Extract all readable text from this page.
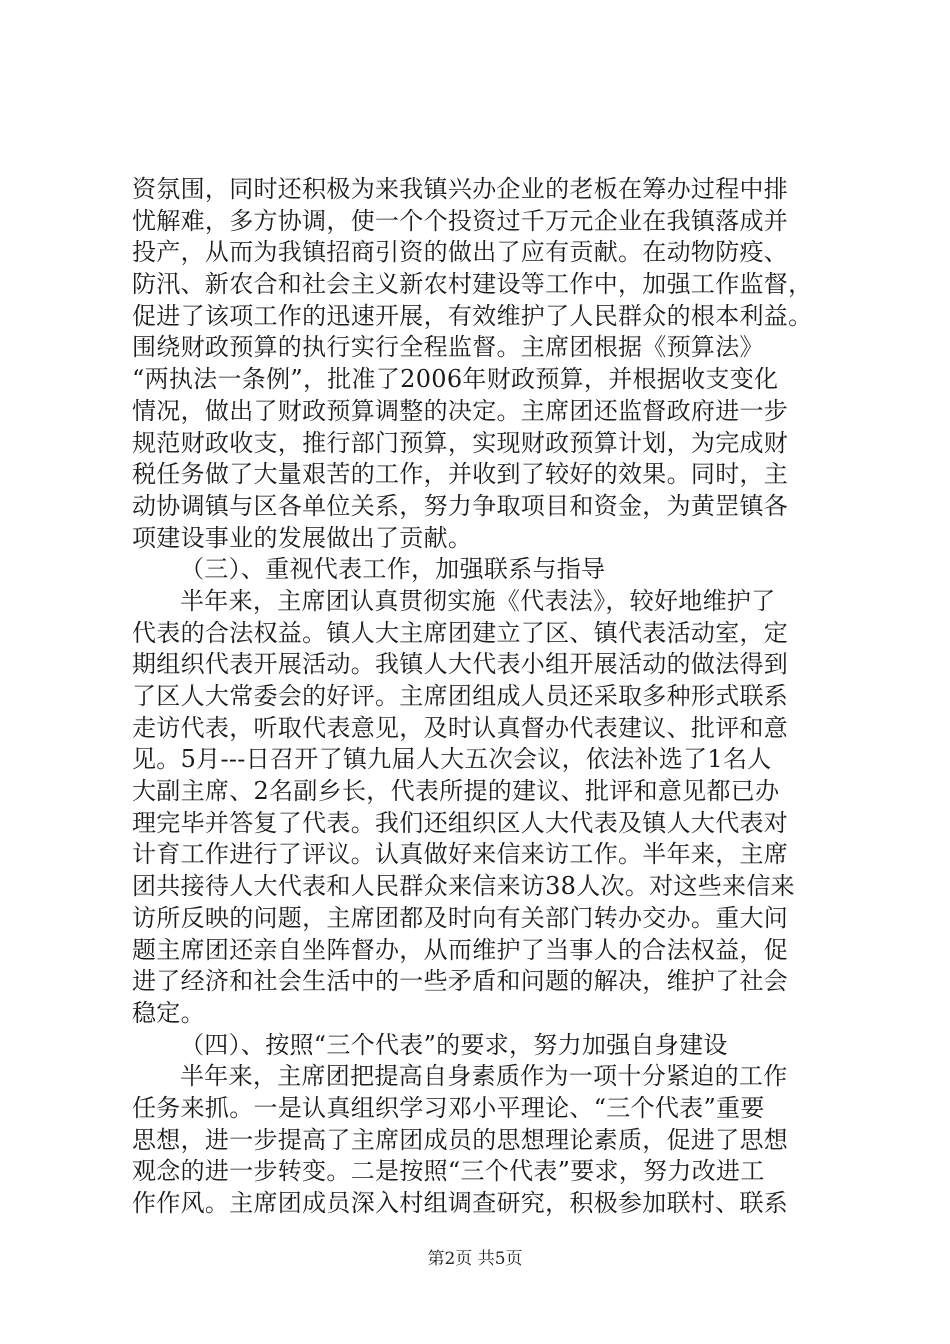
资氛围，同时还积极为来我镇兴办企业的老板在筹办过程中排
忧解难，多方协调，使一个个投资过千万元企业在我镇落成并
投产，从而为我镇招商引资的做出了应有贡献。在动物防疫、
防汛、新农合和社会主义新农村建设等工作中，加强工作监督，
促进了该项工作的迅速开展，有效维护了人民群众的根本利益。
围绕财政预算的执行实行全程监督。主席团根据《预算法》
“两执法一条例”，批准了2006年财政预算，并根据收支变化
情况，做出了财政预算调整的决定。主席团还监督政府进一步
规范财政收支，推行部门预算，实现财政预算计划，为完成财
税任务做了大量艰苦的工作，并收到了较好的效果。同时，主
动协调镇与区各单位关系，努力争取项目和资金，为黄罡镇各
项建设事业的发展做出了贡献。
（三）、重视代表工作，加强联系与指导
半年来，主席团认真贯彻实施《代表法》，较好地维护了
代表的合法权益。镇人大主席团建立了区、镇代表活动室，定
期组织代表开展活动。我镇人大代表小组开展活动的做法得到
了区人大常委会的好评。主席团组成人员还采取多种形式联系
走访代表，听取代表意见，及时认真督办代表建议、批评和意
见。5月---日召开了镇九届人大五次会议，依法补选了1名人
大副主席、2名副乡长，代表所提的建议、批评和意见都已办
理完毕并答复了代表。我们还组织区人大代表及镇人大代表对
计育工作进行了评议。认真做好来信来访工作。半年来，主席
团共接待人大代表和人民群众来信来访38人次。对这些来信来
访所反映的问题，主席团都及时向有关部门转办交办。重大问
题主席团还亲自坐阵督办，从而维护了当事人的合法权益，促
进了经济和社会生活中的一些矛盾和问题的解决，维护了社会
稳定。
（四）、按照“三个代表”的要求，努力加强自身建设
半年来，主席团把提高自身素质作为一项十分紧迫的工作
任务来抓。一是认真组织学习邓小平理论、“三个代表”重要
思想，进一步提高了主席团成员的思想理论素质，促进了思想
观念的进一步转变。二是按照“三个代表”要求，努力改进工
作作风。主席团成员深入村组调查研究，积极参加联村、联系
第2页 共5页
